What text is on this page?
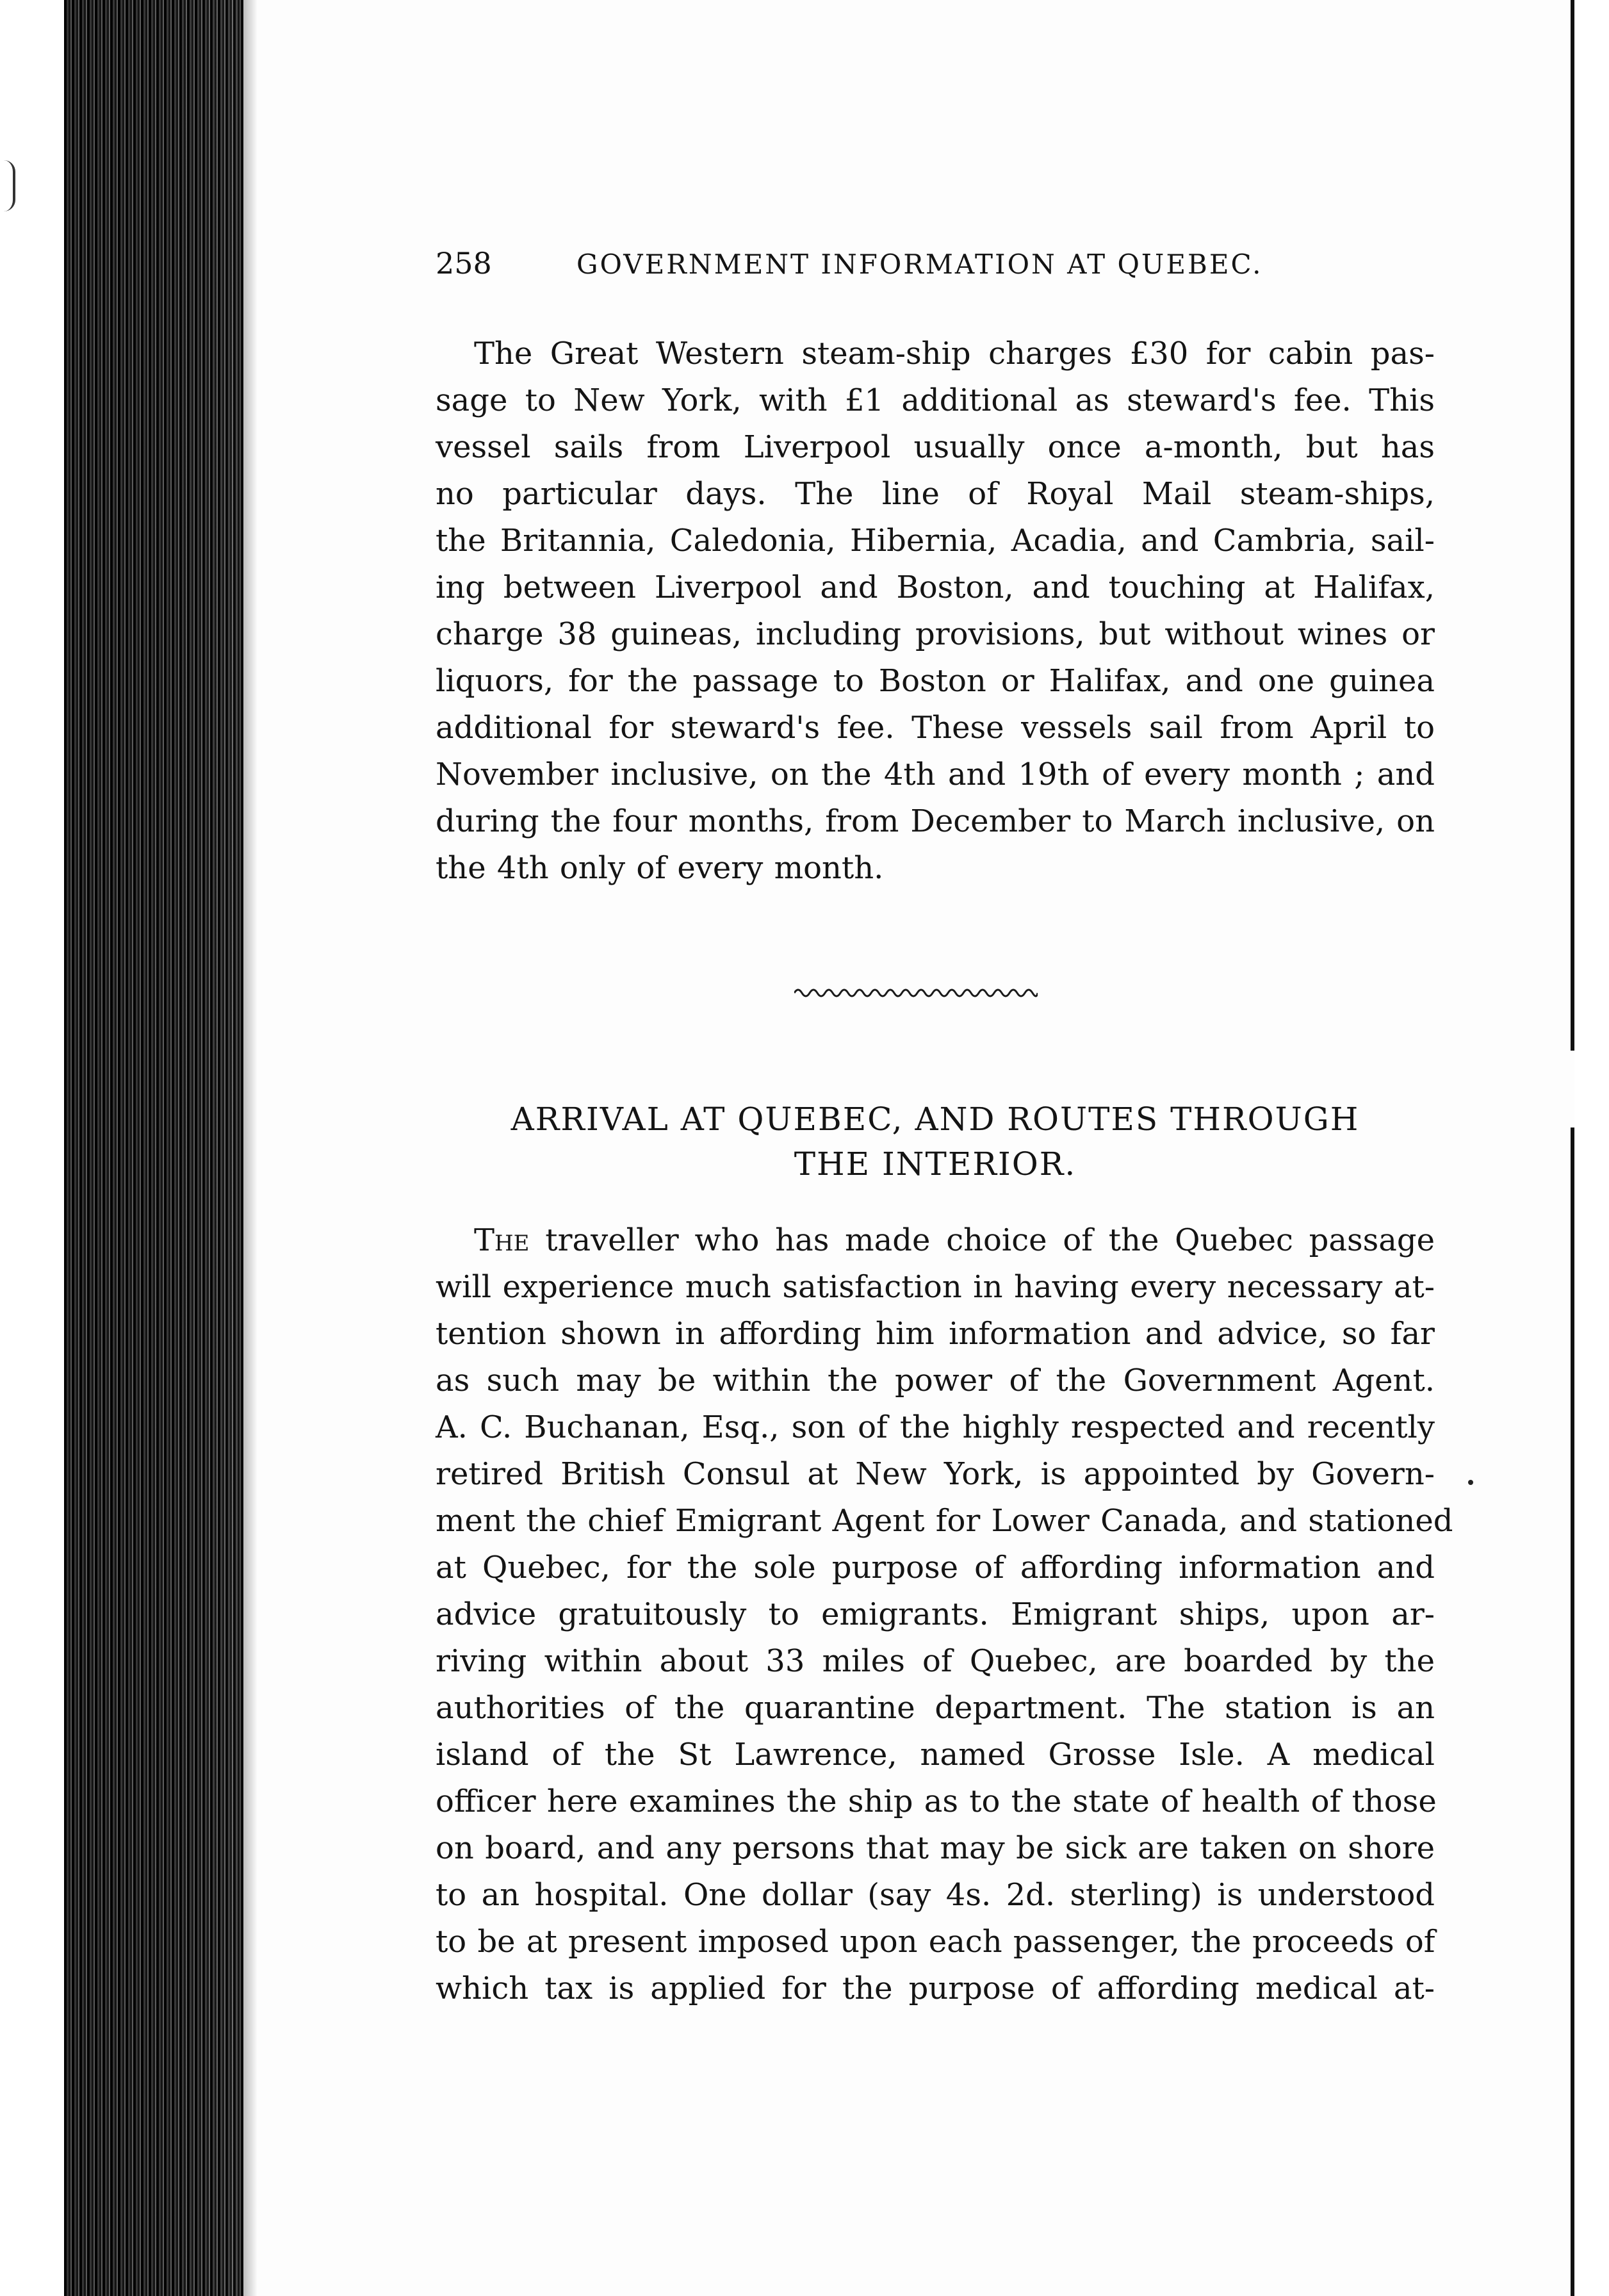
258	GOVERNMENT INFORMATION AT QUEBEC.
The Great Western steam-ship charges £30 for cabin pas-
sage to New York, with £1 additional as steward's fee. This
vessel sails from Liverpool usually once a-month, but has
no particular days. The line of Royal Mail steam-ships,
the Britannia, Caledonia, Hibernia, Acadia, and Cambria, sail-
ing between Liverpool and Boston, and touching at Halifax,
charge 38 guineas, including provisions, but without wines or
liquors, for the passage to Boston or Halifax, and one guinea
additional for steward's fee. These vessels sail from April to
November inclusive, on the 4th and 19th of every month ; and
during the four months, from December to March inclusive, on
the 4th only of every month.
ARRIVAL AT QUEBEC, AND ROUTES THROUGH
THE INTERIOR.
The traveller who has made choice of the Quebec passage
will experience much satisfaction in having every necessary at-
tention shown in affording him information and advice, so far
as such may be within the power of the Government Agent.
A. C. Buchanan, Esq., son of the highly respected and recently
retired British Consul at New York, is appointed by Govern-
ment the chief Emigrant Agent for Lower Canada, and stationed
at Quebec, for the sole purpose of affording information and
advice gratuitously to emigrants. Emigrant ships, upon ar-
riving within about 33 miles of Quebec, are boarded by the
authorities of the quarantine department. The station is an
island of the St Lawrence, named Grosse Isle. A medical
officer here examines the ship as to the state of health of those
on board, and any persons that may be sick are taken on shore
to an hospital. One dollar (say 4s. 2d. sterling) is understood
to be at present imposed upon each passenger, the proceeds of
which tax is applied for the purpose of affording medical at-
